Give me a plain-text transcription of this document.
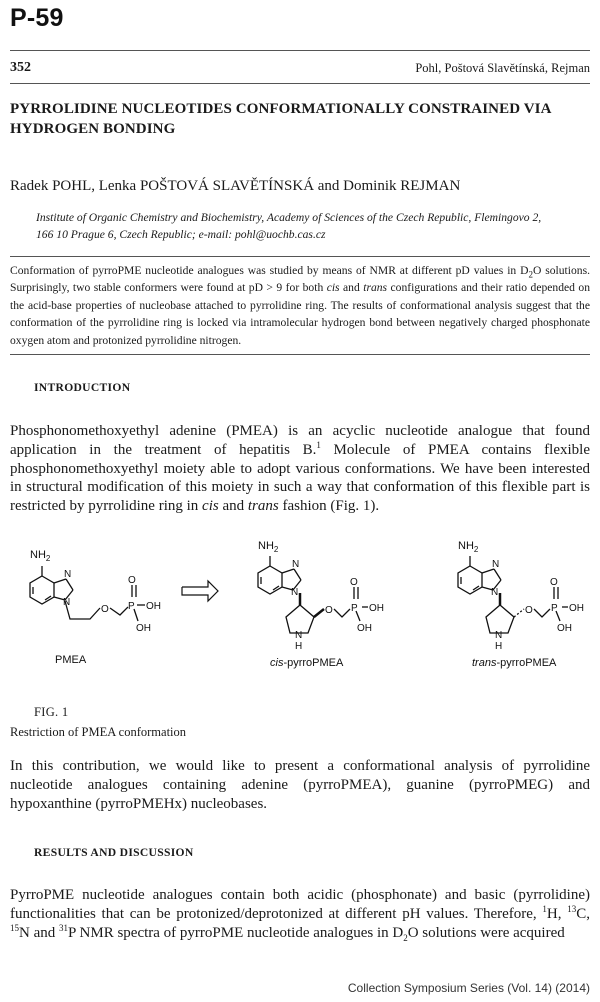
P-59
352	Pohl, Poštová Slavětínská, Rejman
PYRROLIDINE NUCLEOTIDES CONFORMATIONALLY CONSTRAINED VIA HYDROGEN BONDING
Radek POHL, Lenka POŠTOVÁ SLAVĚTÍNSKÁ and Dominik REJMAN
Institute of Organic Chemistry and Biochemistry, Academy of Sciences of the Czech Republic, Flemingovo 2,
166 10 Prague 6, Czech Republic; e-mail: pohl@uochb.cas.cz
Conformation of pyrroPME nucleotide analogues was studied by means of NMR at different pD values in $D_2O$ solutions. Surprisingly, two stable conformers were found at pD > 9 for both cis and trans configurations and their ratio depended on the acid-base properties of nucleobase attached to pyrrolidine ring. The results of conformational analysis suggest that the conformation of the pyrrolidine ring is locked via intramolecular hydrogen bond between negatively charged phosphonate oxygen atom and protonized pyrrolidine nitrogen.
INTRODUCTION
Phosphonomethoxyethyl adenine (PMEA) is an acyclic nucleotide analogue that found application in the treatment of hepatitis B.$^1$ Molecule of PMEA contains flexible phosphonomethoxyethyl moiety able to adopt various conformations. We have been interested in structural modification of this moiety in such a way that conformation of this flexible part is restricted by pyrrolidine ring in cis and trans fashion (Fig. 1).
$NH_2$
N
N
O
O
P OH
OH
PMEA
$NH_2$
N
N
O
O
P OH
OH
N
H
cis-pyrroPMEA
$NH_2$
N
N
O
O
P OH
OH
N
H
trans-pyrroPMEA
FIG. 1
Restriction of PMEA conformation
In this contribution, we would like to present a conformational analysis of pyrrolidine nucleotide analogues containing adenine (pyrroPMEA), guanine (pyrroPMEG) and hypoxanthine (pyrroPMEHx) nucleobases.
RESULTS AND DISCUSSION
PyrroPME nucleotide analogues contain both acidic (phosphonate) and basic (pyrrolidine) functionalities that can be protonized/deprotonized at different pH values. Therefore, $^1$H, $^{13}$C, $^{15}$N and $^{31}$P NMR spectra of pyrroPME nucleotide analogues in $D_2O$ solutions were acquired
Collection Symposium Series (Vol. 14) (2014)
